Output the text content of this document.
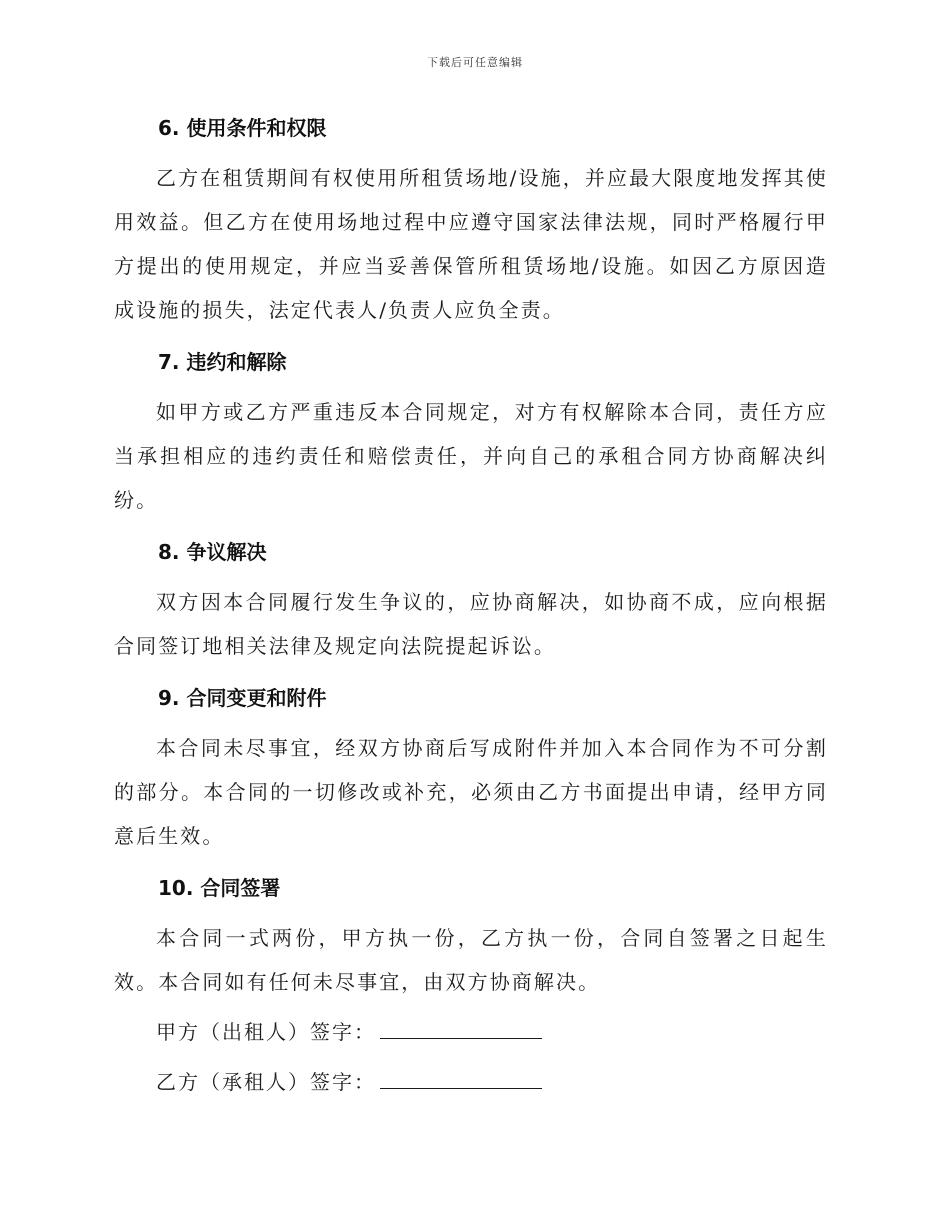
下载后可任意编辑
6. 使用条件和权限

乙方在租赁期间有权使用所租赁场地/设施，并应最大限度地发挥其使用效益。但乙方在使用场地过程中应遵守国家法律法规，同时严格履行甲方提出的使用规定，并应当妥善保管所租赁场地/设施。如因乙方原因造成设施的损失，法定代表人/负责人应负全责。

7. 违约和解除

如甲方或乙方严重违反本合同规定，对方有权解除本合同，责任方应当承担相应的违约责任和赔偿责任，并向自己的承租合同方协商解决纠纷。

8. 争议解决

双方因本合同履行发生争议的，应协商解决，如协商不成，应向根据合同签订地相关法律及规定向法院提起诉讼。

9. 合同变更和附件

本合同未尽事宜，经双方协商后写成附件并加入本合同作为不可分割的部分。本合同的一切修改或补充，必须由乙方书面提出申请，经甲方同意后生效。

10. 合同签署

本合同一式两份，甲方执一份，乙方执一份，合同自签署之日起生效。本合同如有任何未尽事宜，由双方协商解决。

甲方（出租人）签字：
乙方（承租人）签字：
